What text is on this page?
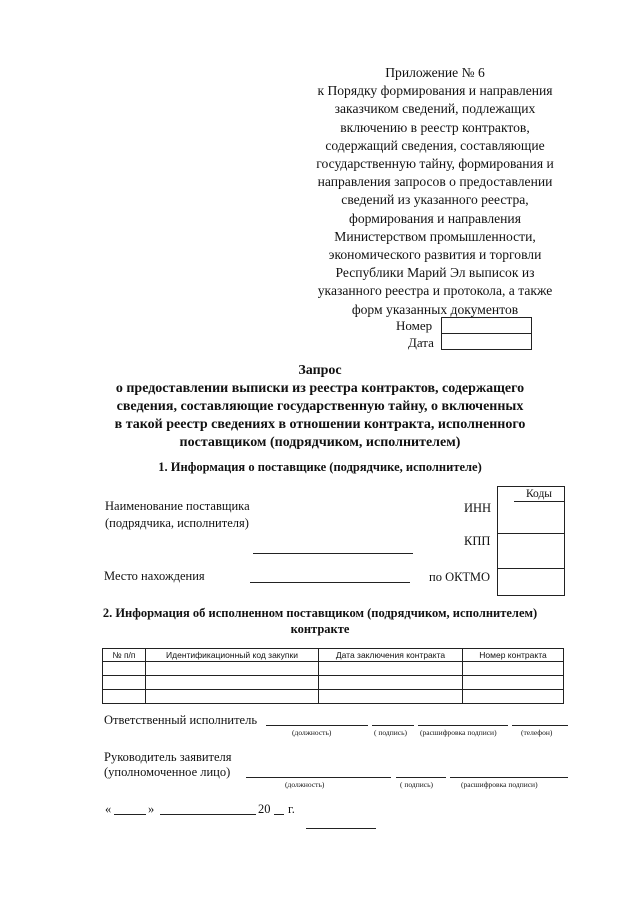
Приложение № 6
к Порядку формирования и направления
заказчиком сведений, подлежащих
включению в реестр контрактов,
содержащий сведения, составляющие
государственную тайну, формирования и
направления запросов о предоставлении
сведений из указанного реестра,
формирования и направления
Министерством промышленности,
экономического развития и торговли
Республики Марий Эл выписок из
указанного реестра и протокола, а также
форм указанных документов
Номер
Дата
Запрос
о предоставлении выписки из реестра контрактов, содержащего
сведения, составляющие государственную тайну, о включенных
в такой реестр сведениях в отношении контракта, исполненного
поставщиком (подрядчиком, исполнителем)
1. Информация о поставщике (подрядчике, исполнителе)
Наименование поставщика
(подрядчика, исполнителя)
Место нахождения
ИНН
КПП
по ОКТМО
Коды
2. Информация об исполненном поставщиком (подрядчиком, исполнителем)
контракте
№ п/п	Идентификационный код закупки	Дата заключения контракта	Номер контракта

Ответственный исполнитель
(должность)	( подпись) (расшифровка подписи)	(телефон)
Руководитель заявителя
(уполномоченное лицо)
(должность)	( подпись)	(расшифровка подписи)
«	»	20 г.
